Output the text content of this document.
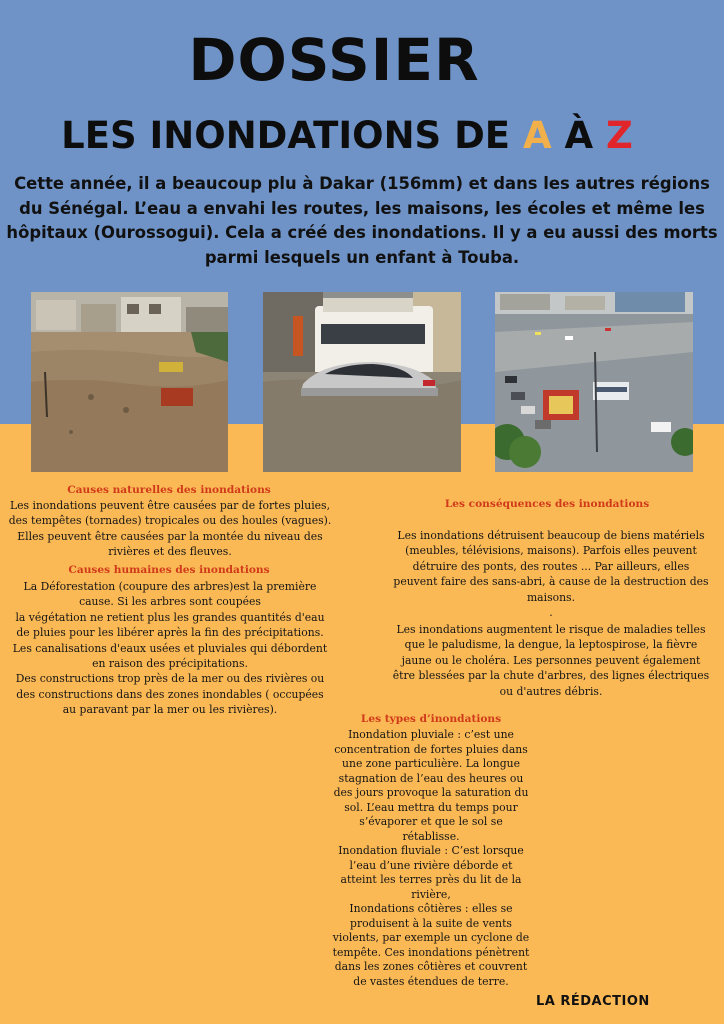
DOSSIER
LES INONDATIONS DE A À Z

Cette année, il a beaucoup plu à Dakar (156mm) et dans les autres régions du Sénégal. L’eau a envahi les routes, les maisons, les écoles et même les hôpitaux (Ourossogui). Cela a créé des inondations. Il y a eu aussi des morts parmi lesquels un enfant à Touba.

Causes naturelles des inondations

Les inondations peuvent être causées par de fortes pluies,
des tempêtes (tornades) tropicales ou des houles (vagues).
Elles peuvent être causées par la montée du niveau des
rivières et des fleuves.

Causes humaines des inondations

La Déforestation (coupure des arbres)est la première
cause. Si les arbres sont coupées
la végétation ne retient plus les grandes quantités d'eau
de pluies pour les libérer après la fin des précipitations.
Les canalisations d'eaux usées et pluviales qui débordent
en raison des précipitations.
Des constructions trop près de la mer ou des rivières ou
des constructions dans des zones inondables ( occupées
au paravant par la mer ou les rivières).

Les conséquences des inondations

Les inondations détruisent beaucoup de biens matériels
(meubles, télévisions, maisons). Parfois elles peuvent
détruire des ponts, des routes ... Par ailleurs, elles
peuvent faire des sans-abri, à cause de la destruction des
maisons.
.

Les inondations augmentent le risque de maladies telles
que le paludisme, la dengue, la leptospirose, la fièvre
jaune ou le choléra. Les personnes peuvent également
être blessées par la chute d'arbres, des lignes électriques
ou d'autres débris.

Les types d’inondations

Inondation pluviale : c’est une
concentration de fortes pluies dans
une zone particulière. La longue
stagnation de l’eau des heures ou
des jours provoque la saturation du
sol. L’eau mettra du temps pour
s’évaporer et que le sol se
rétablisse.
Inondation fluviale : C’est lorsque
l’eau d’une rivière déborde et
atteint les terres près du lit de la
rivière,
Inondations côtières : elles se
produisent à la suite de vents
violents, par exemple un cyclone de
tempête. Ces inondations pénètrent
dans les zones côtières et couvrent
de vastes étendues de terre.

LA RÉDACTION
